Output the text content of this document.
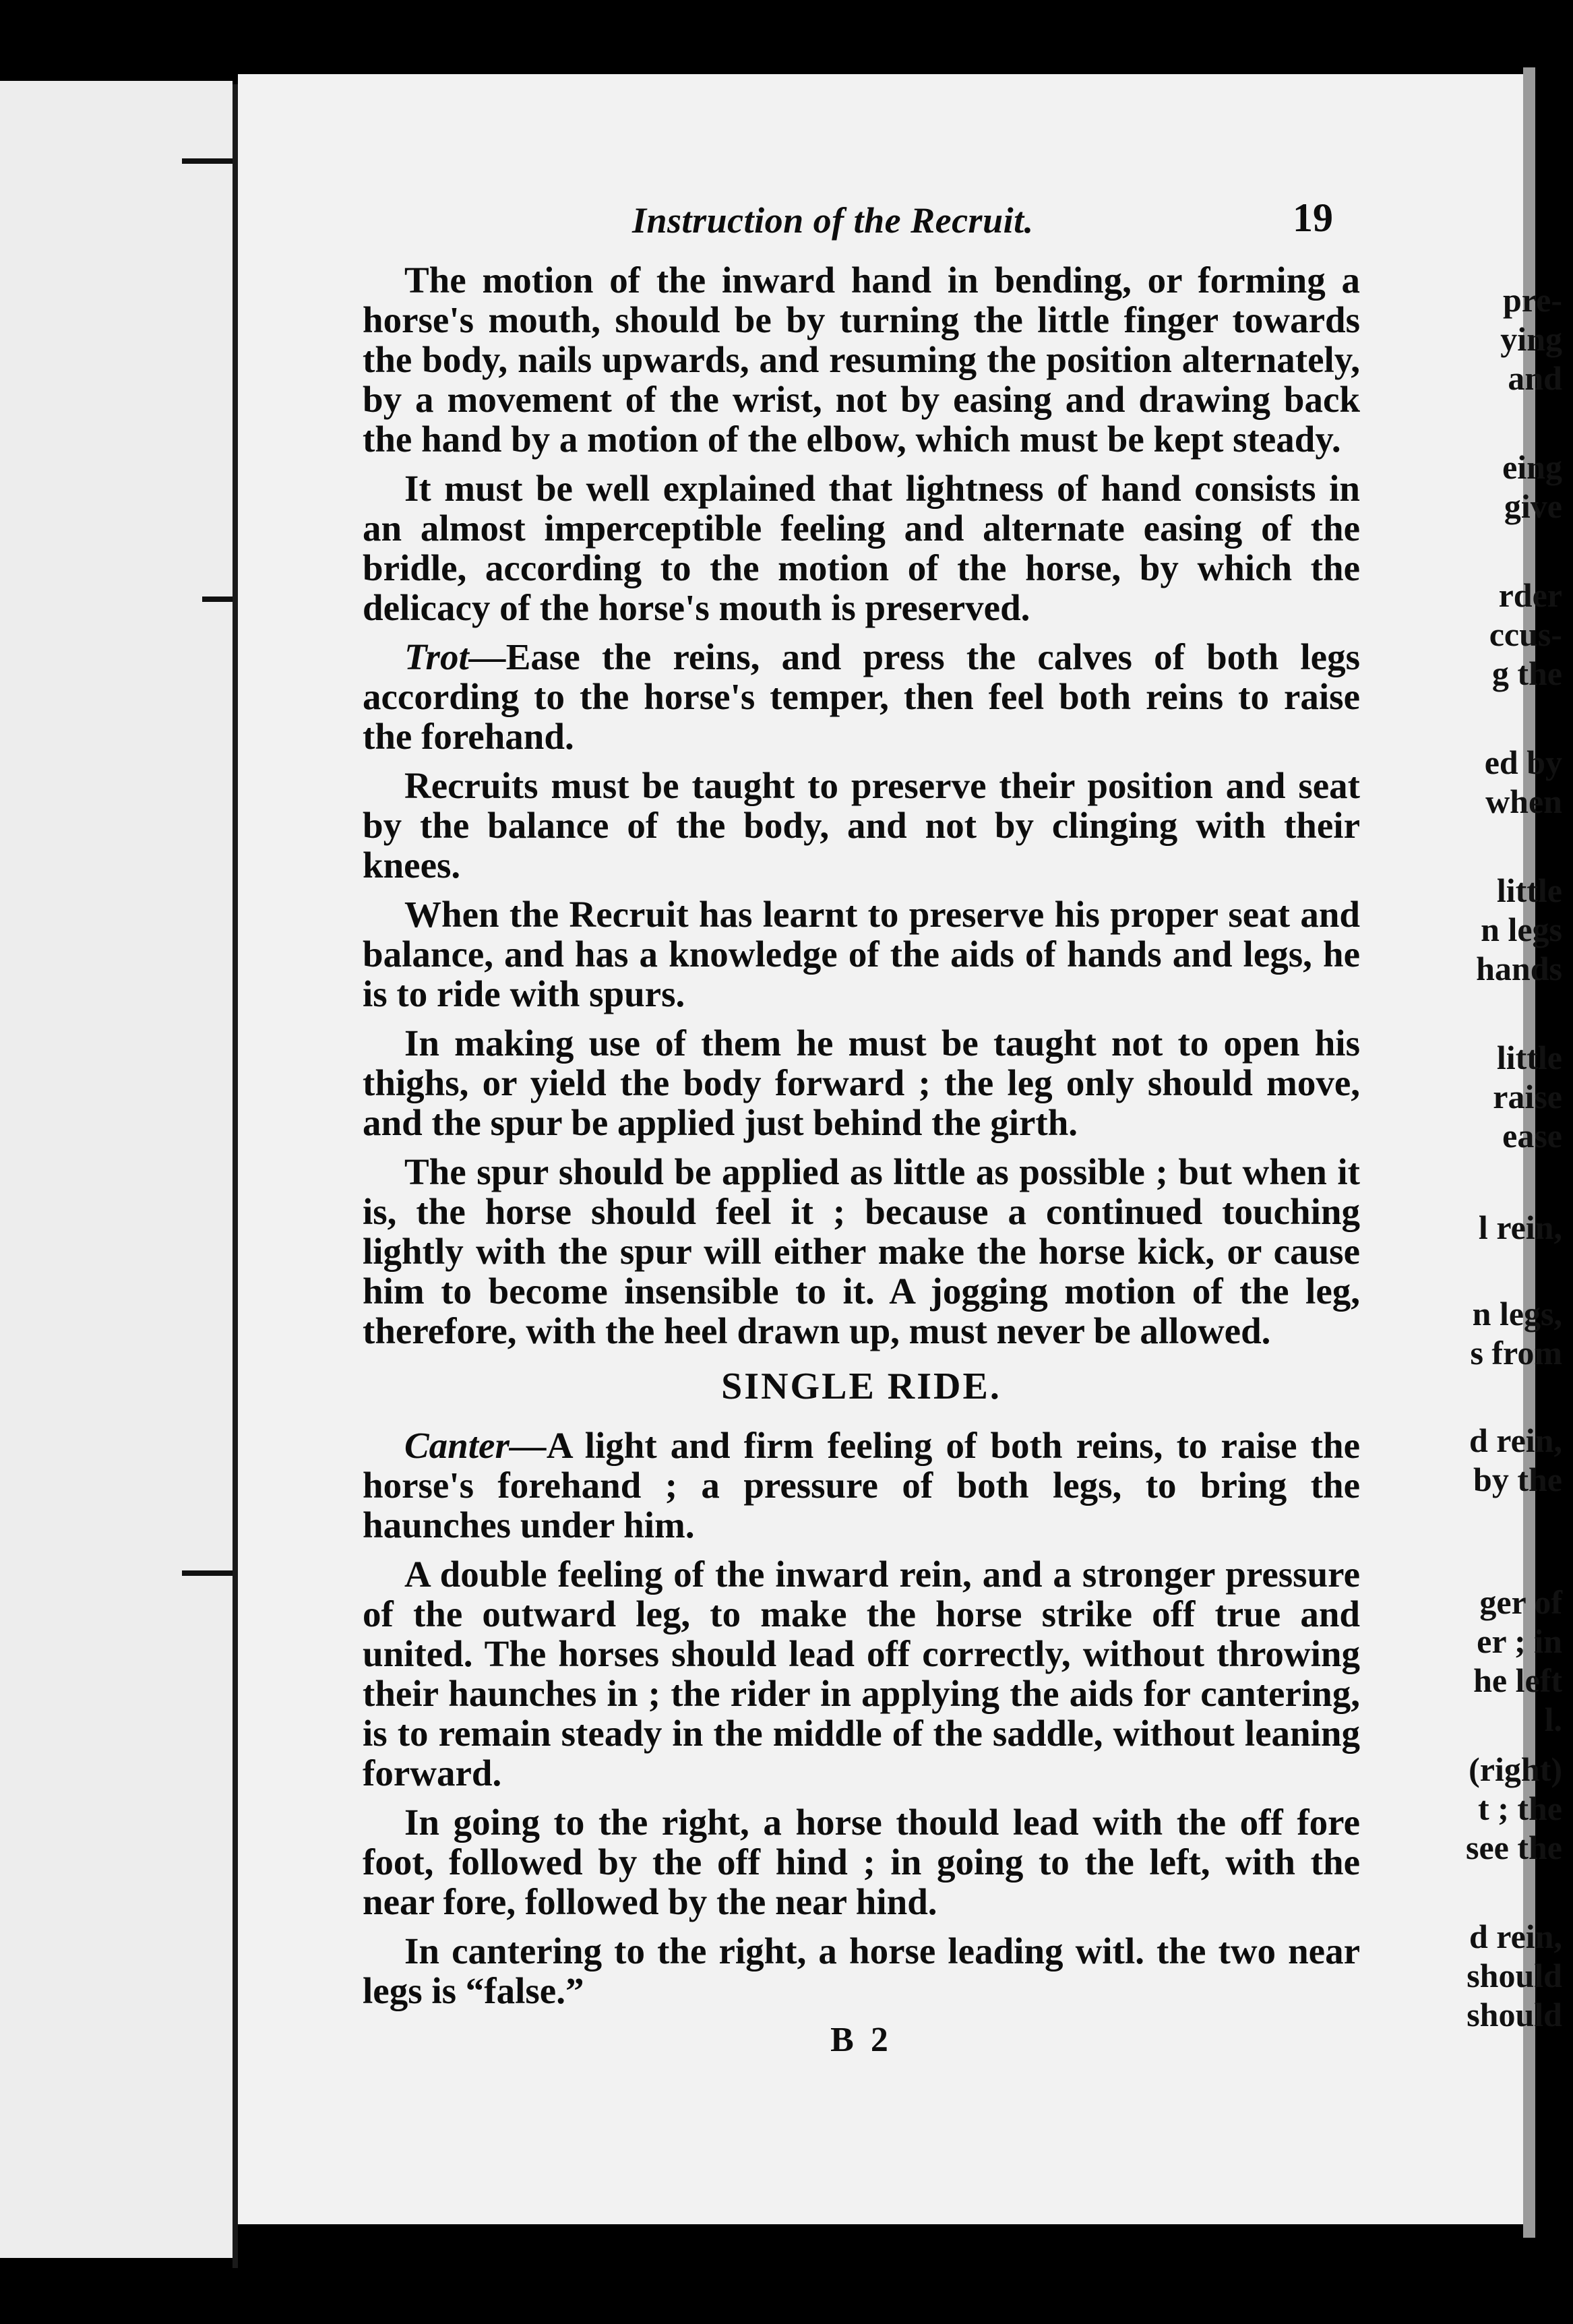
Instruction of the Recruit.	19

The motion of the inward hand in bending, or forming a horse's mouth, should be by turning the little finger towards the body, nails upwards, and resuming the position alternately, by a movement of the wrist, not by easing and drawing back the hand by a motion of the elbow, which must be kept steady.

It must be well explained that lightness of hand consists in an almost imperceptible feeling and alternate easing of the bridle, according to the motion of the horse, by which the delicacy of the horse's mouth is preserved.

Trot—Ease the reins, and press the calves of both legs according to the horse's temper, then feel both reins to raise the forehand.

Recruits must be taught to preserve their position and seat by the balance of the body, and not by clinging with their knees.

When the Recruit has learnt to preserve his proper seat and balance, and has a knowledge of the aids of hands and legs, he is to ride with spurs.

In making use of them he must be taught not to open his thighs, or yield the body forward ; the leg only should move, and the spur be applied just behind the girth.

The spur should be applied as little as possible ; but when it is, the horse should feel it ; because a continued touching lightly with the spur will either make the horse kick, or cause him to become insensible to it. A jogging motion of the leg, therefore, with the heel drawn up, must never be allowed.

SINGLE RIDE.

Canter—A light and firm feeling of both reins, to raise the horse's forehand ; a pressure of both legs, to bring the haunches under him.

A double feeling of the inward rein, and a stronger pressure of the outward leg, to make the horse strike off true and united. The horses should lead off correctly, without throwing their haunches in ; the rider in applying the aids for cantering, is to remain steady in the middle of the saddle, without leaning forward.

In going to the right, a horse thould lead with the off fore foot, followed by the off hind ; in going to the left, with the near fore, followed by the near hind.

In cantering to the right, a horse leading witl. the two near legs is “false.”

B 2
pre-
ying
and
eing
give
rder
ccus-
g the
ed by
when
little
n legs
hands
little
raise
ease
l rein,
n legs,
s from
d rein,
by the
ger of
er ; in
he left
l.
(right)
t ; the
see the
d rein,
should
should
